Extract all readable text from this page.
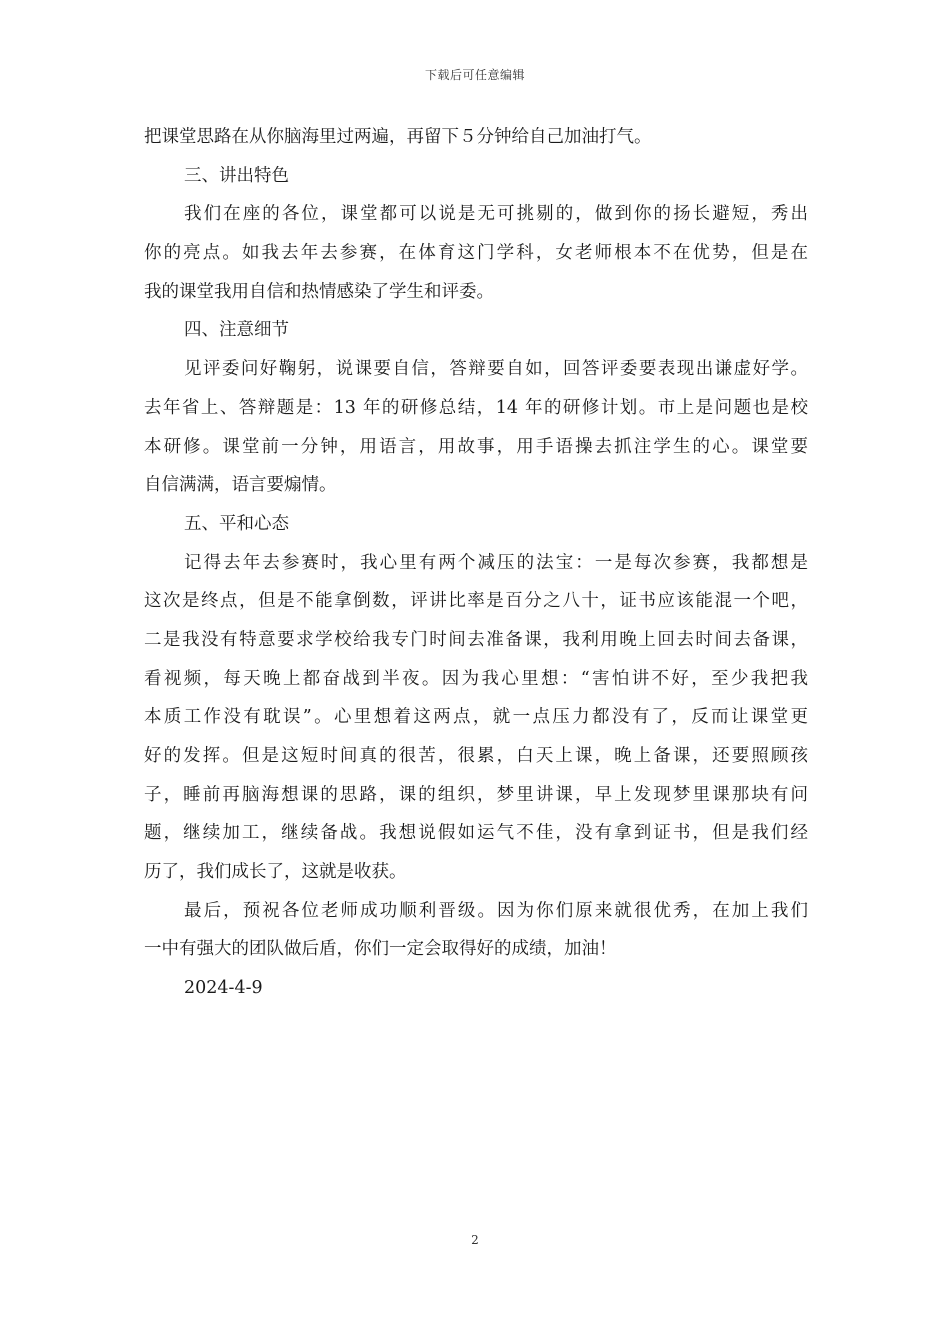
下载后可任意编辑
把课堂思路在从你脑海里过两遍，再留下５分钟给自己加油打气。
三、讲出特色
我们在座的各位，课堂都可以说是无可挑剔的，做到你的扬长避短，秀出
你的亮点。如我去年去参赛，在体育这门学科，女老师根本不在优势，但是在
我的课堂我用自信和热情感染了学生和评委。
四、注意细节
见评委问好鞠躬，说课要自信，答辩要自如，回答评委要表现出谦虚好学。
去年省上、答辩题是：13 年的研修总结，14 年的研修计划。市上是问题也是校
本研修。课堂前一分钟，用语言，用故事，用手语操去抓注学生的心。课堂要
自信满满，语言要煽情。
五、平和心态
记得去年去参赛时，我心里有两个减压的法宝：一是每次参赛，我都想是
这次是终点，但是不能拿倒数，评讲比率是百分之八十，证书应该能混一个吧，
二是我没有特意要求学校给我专门时间去准备课，我利用晚上回去时间去备课，
看视频，每天晚上都奋战到半夜。因为我心里想：“害怕讲不好，至少我把我
本质工作没有耽误”。心里想着这两点，就一点压力都没有了，反而让课堂更
好的发挥。但是这短时间真的很苦，很累，白天上课，晚上备课，还要照顾孩
子，睡前再脑海想课的思路，课的组织，梦里讲课，早上发现梦里课那块有问
题，继续加工，继续备战。我想说假如运气不佳，没有拿到证书，但是我们经
历了，我们成长了，这就是收获。
最后，预祝各位老师成功顺利晋级。因为你们原来就很优秀，在加上我们
一中有强大的团队做后盾，你们一定会取得好的成绩，加油！
2024-4-9
2
